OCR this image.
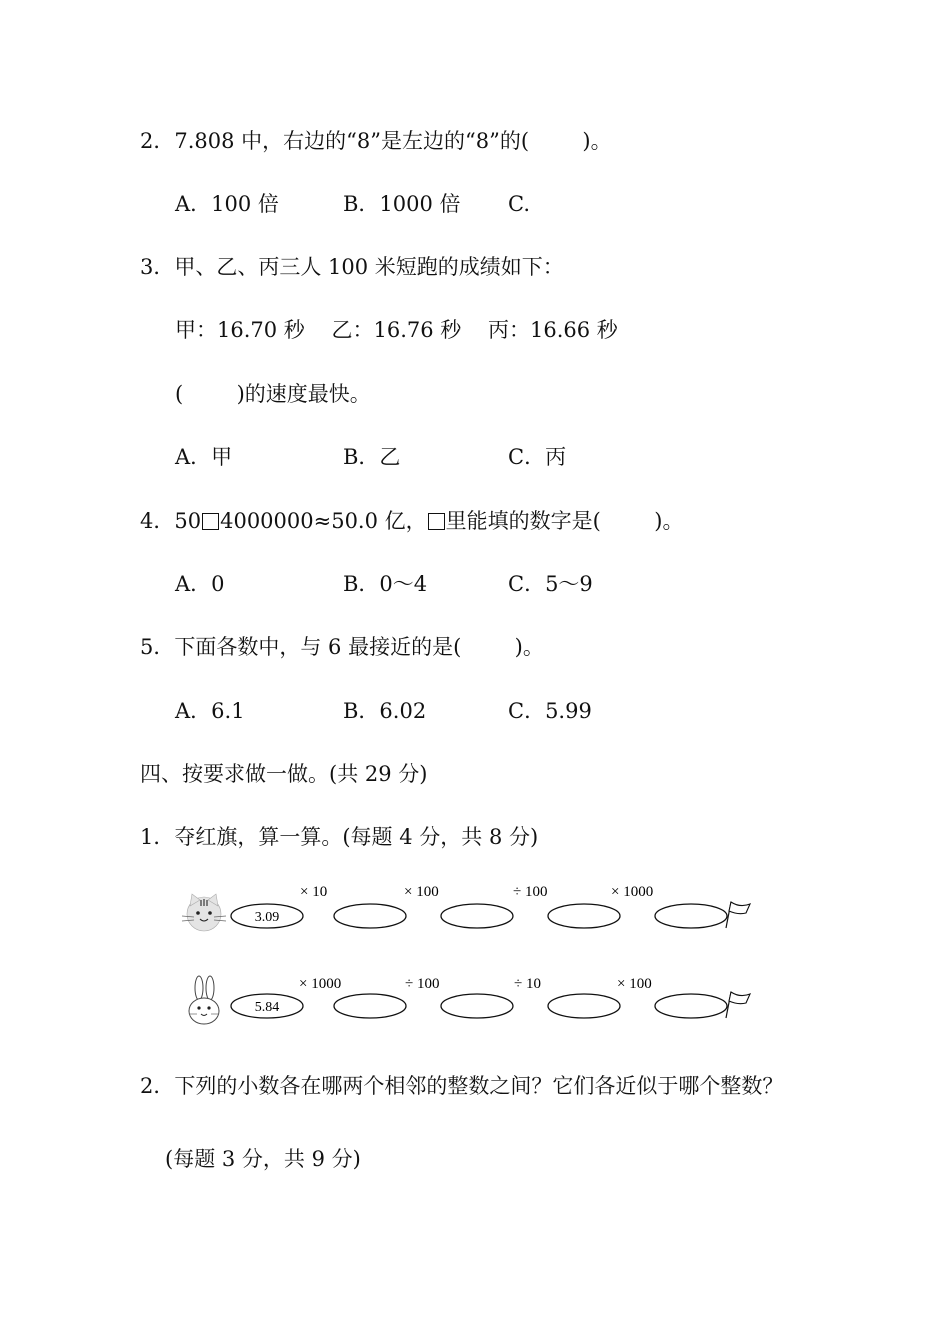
2．7.808 中，右边的“8”是左边的“8”的(        )。
A．100 倍	B．1000 倍 C.
3．甲、乙、丙三人 100 米短跑的成绩如下：
甲：16.70 秒    乙：16.76 秒    丙：16.66 秒
(        )的速度最快。
A．甲	B．乙	C．丙
4．50 4000000≈50.0 亿， 里能填的数字是(        )。
A．0	B．0～4	C．5～9
5．下面各数中，与 6 最接近的是(        )。
A．6.1	B．6.02	C．5.99
四、按要求做一做。(共 29 分)
1．夺红旗，算一算。(每题 4 分，共 8 分)
3.09
× 10	× 100	÷ 100	× 1000
5.84
× 1000	÷ 100	÷ 10	× 100
2．下列的小数各在哪两个相邻的整数之间？它们各近似于哪个整数？
(每题 3 分，共 9 分)
